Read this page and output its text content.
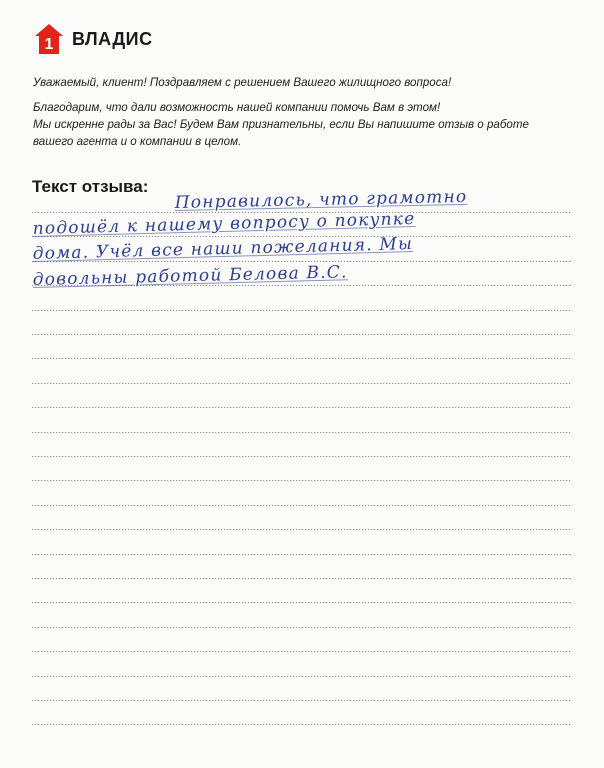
1 ВЛАДИС

Уважаемый, клиент! Поздравляем с решением Вашего жилищного вопроса!

Благодарим, что дали возможность нашей компании помочь Вам в этом!

Мы искренне рады за Вас! Будем Вам признательны, если Вы напишите отзыв о работе

вашего агента и о компании в целом.

Текст отзыва:
Понравилось, что грамотно
подошёл к нашему вопросу о покупке
дома. Учёл все наши пожелания. Мы
довольны работой Белова В.С.
